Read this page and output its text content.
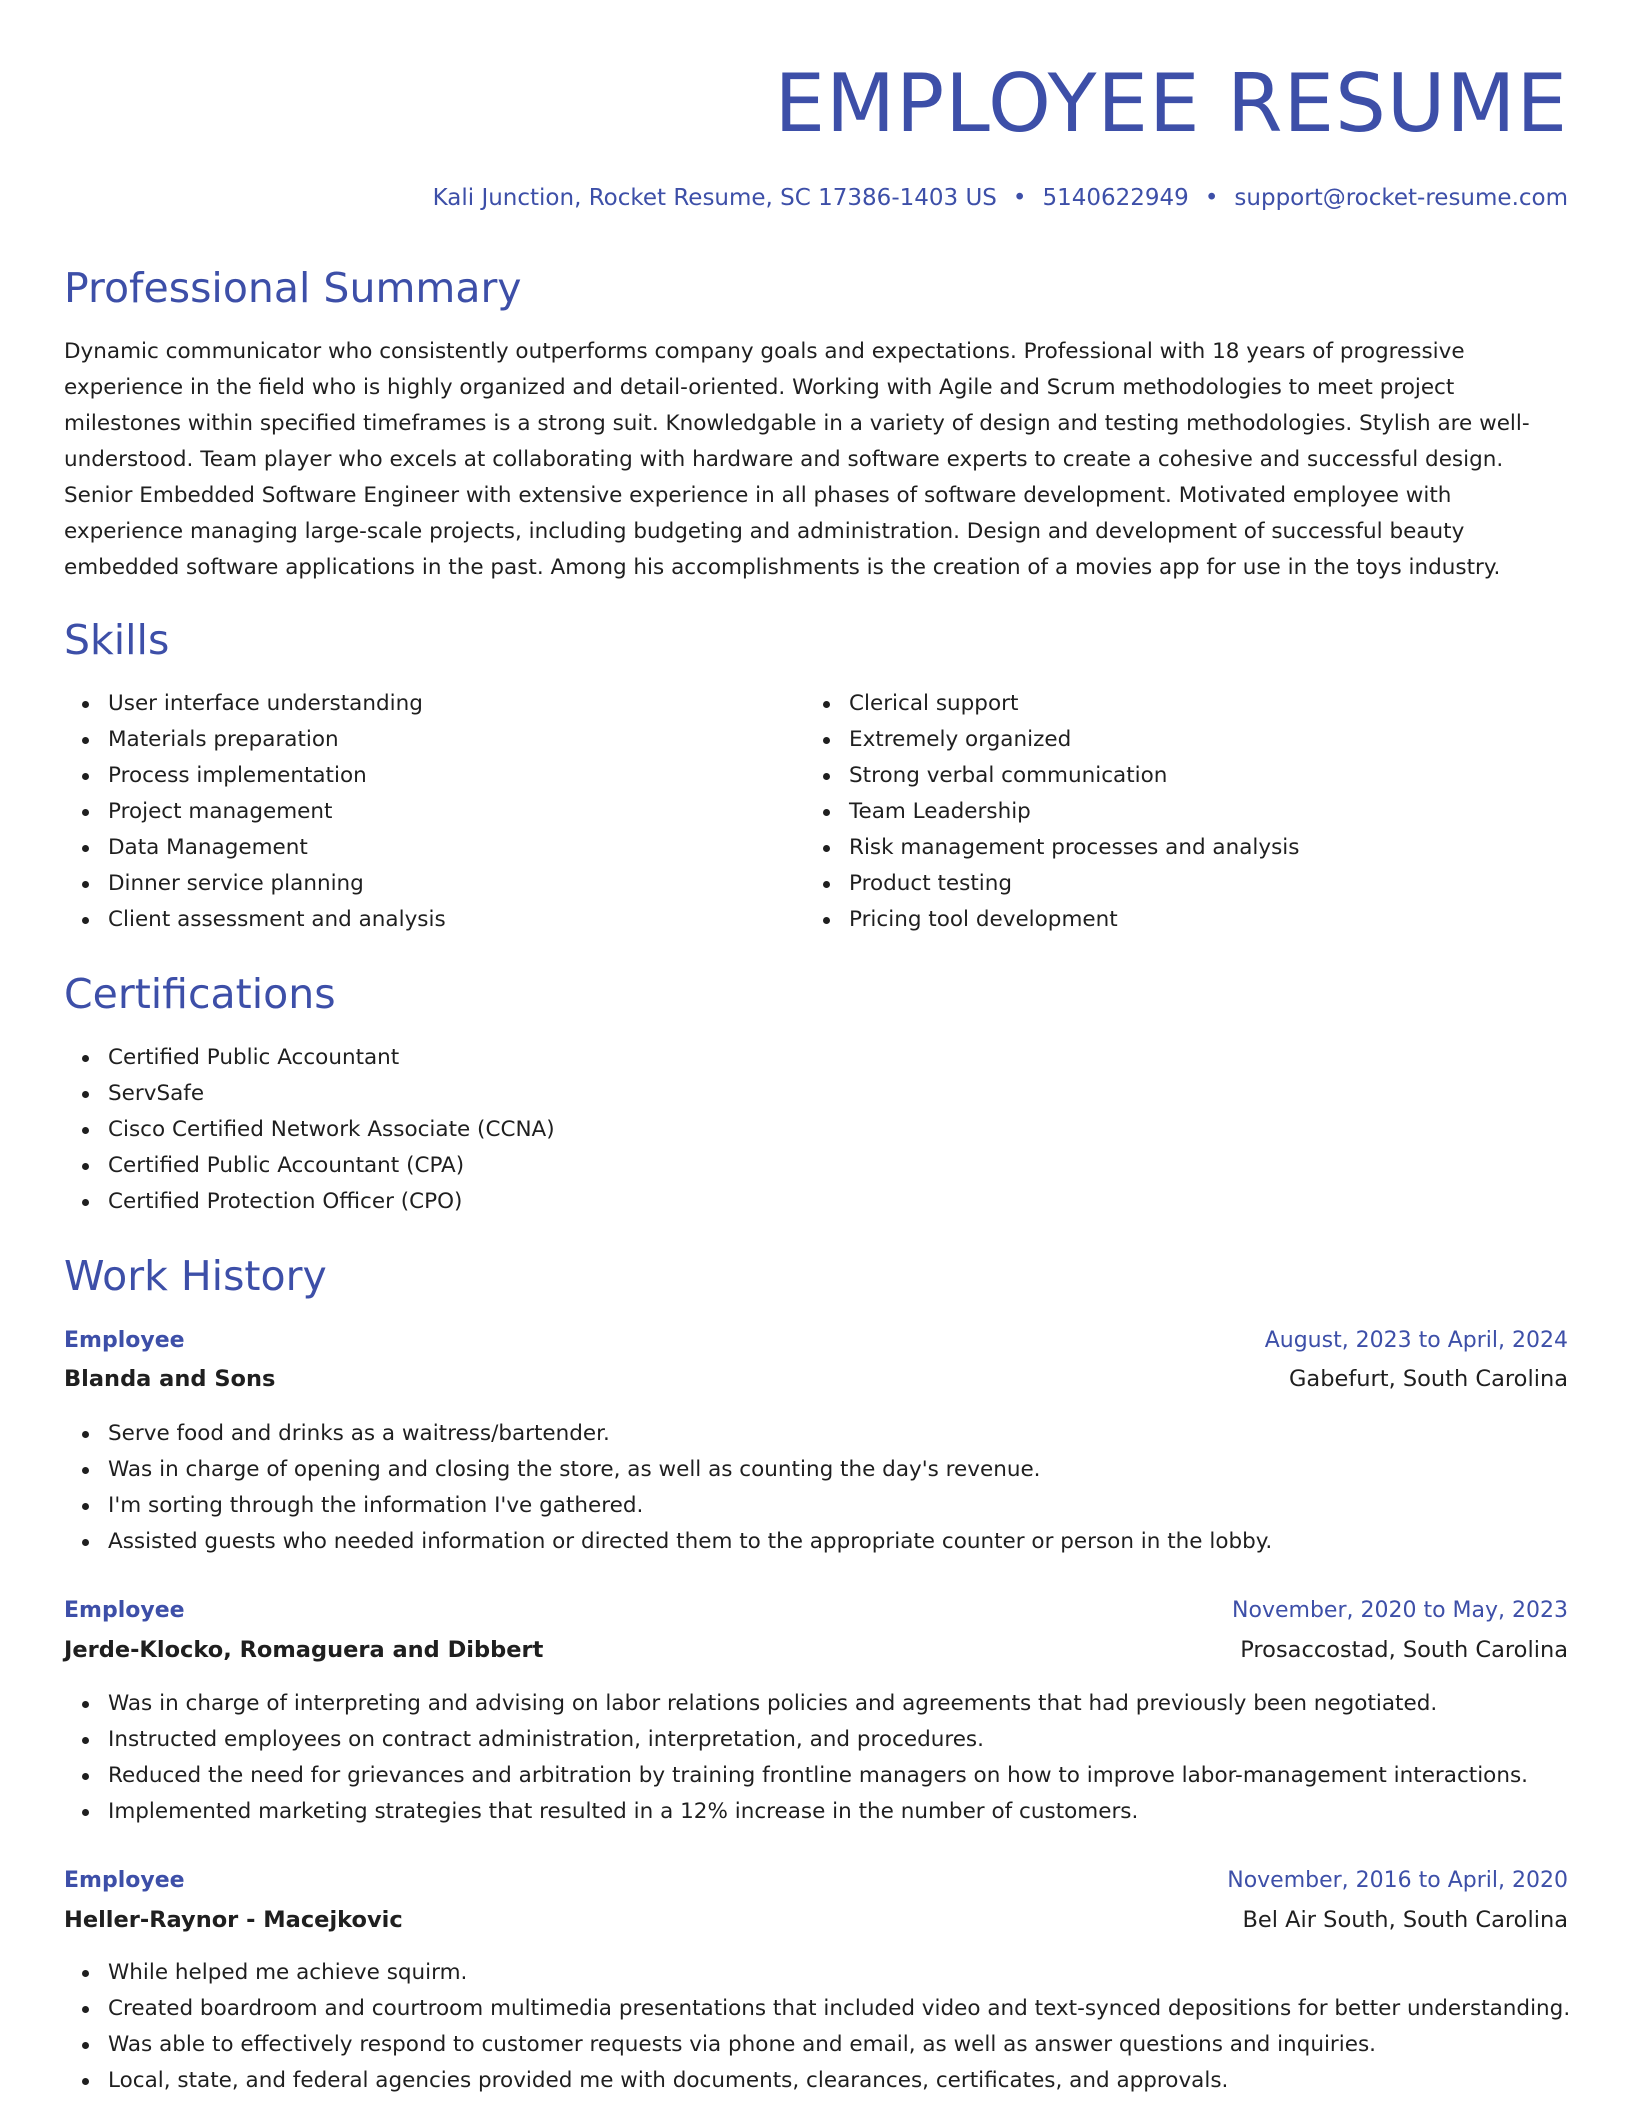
EMPLOYEE RESUME
Kali Junction, Rocket Resume, SC 17386-1403 US • 5140622949 • support@rocket-resume.com
Professional Summary
Dynamic communicator who consistently outperforms company goals and expectations. Professional with 18 years of progressive experience in the field who is highly organized and detail-oriented. Working with Agile and Scrum methodologies to meet project milestones within specified timeframes is a strong suit. Knowledgable in a variety of design and testing methodologies. Stylish are well-understood. Team player who excels at collaborating with hardware and software experts to create a cohesive and successful design. Senior Embedded Software Engineer with extensive experience in all phases of software development. Motivated employee with experience managing large-scale projects, including budgeting and administration. Design and development of successful beauty embedded software applications in the past. Among his accomplishments is the creation of a movies app for use in the toys industry.
Skills
User interface understanding
Materials preparation
Process implementation
Project management
Data Management
Dinner service planning
Client assessment and analysis
Clerical support
Extremely organized
Strong verbal communication
Team Leadership
Risk management processes and analysis
Product testing
Pricing tool development
Certifications
Certified Public Accountant
ServSafe
Cisco Certified Network Associate (CCNA)
Certified Public Accountant (CPA)
Certified Protection Officer (CPO)
Work History
Employee	August, 2023 to April, 2024
Blanda and Sons	Gabefurt, South Carolina
Serve food and drinks as a waitress/bartender.
Was in charge of opening and closing the store, as well as counting the day's revenue.
I'm sorting through the information I've gathered.
Assisted guests who needed information or directed them to the appropriate counter or person in the lobby.
Employee	November, 2020 to May, 2023
Jerde-Klocko, Romaguera and Dibbert	Prosaccostad, South Carolina
Was in charge of interpreting and advising on labor relations policies and agreements that had previously been negotiated.
Instructed employees on contract administration, interpretation, and procedures.
Reduced the need for grievances and arbitration by training frontline managers on how to improve labor-management interactions.
Implemented marketing strategies that resulted in a 12% increase in the number of customers.
Employee	November, 2016 to April, 2020
Heller-Raynor - Macejkovic	Bel Air South, South Carolina
While helped me achieve squirm.
Created boardroom and courtroom multimedia presentations that included video and text-synced depositions for better understanding.
Was able to effectively respond to customer requests via phone and email, as well as answer questions and inquiries.
Local, state, and federal agencies provided me with documents, clearances, certificates, and approvals.
